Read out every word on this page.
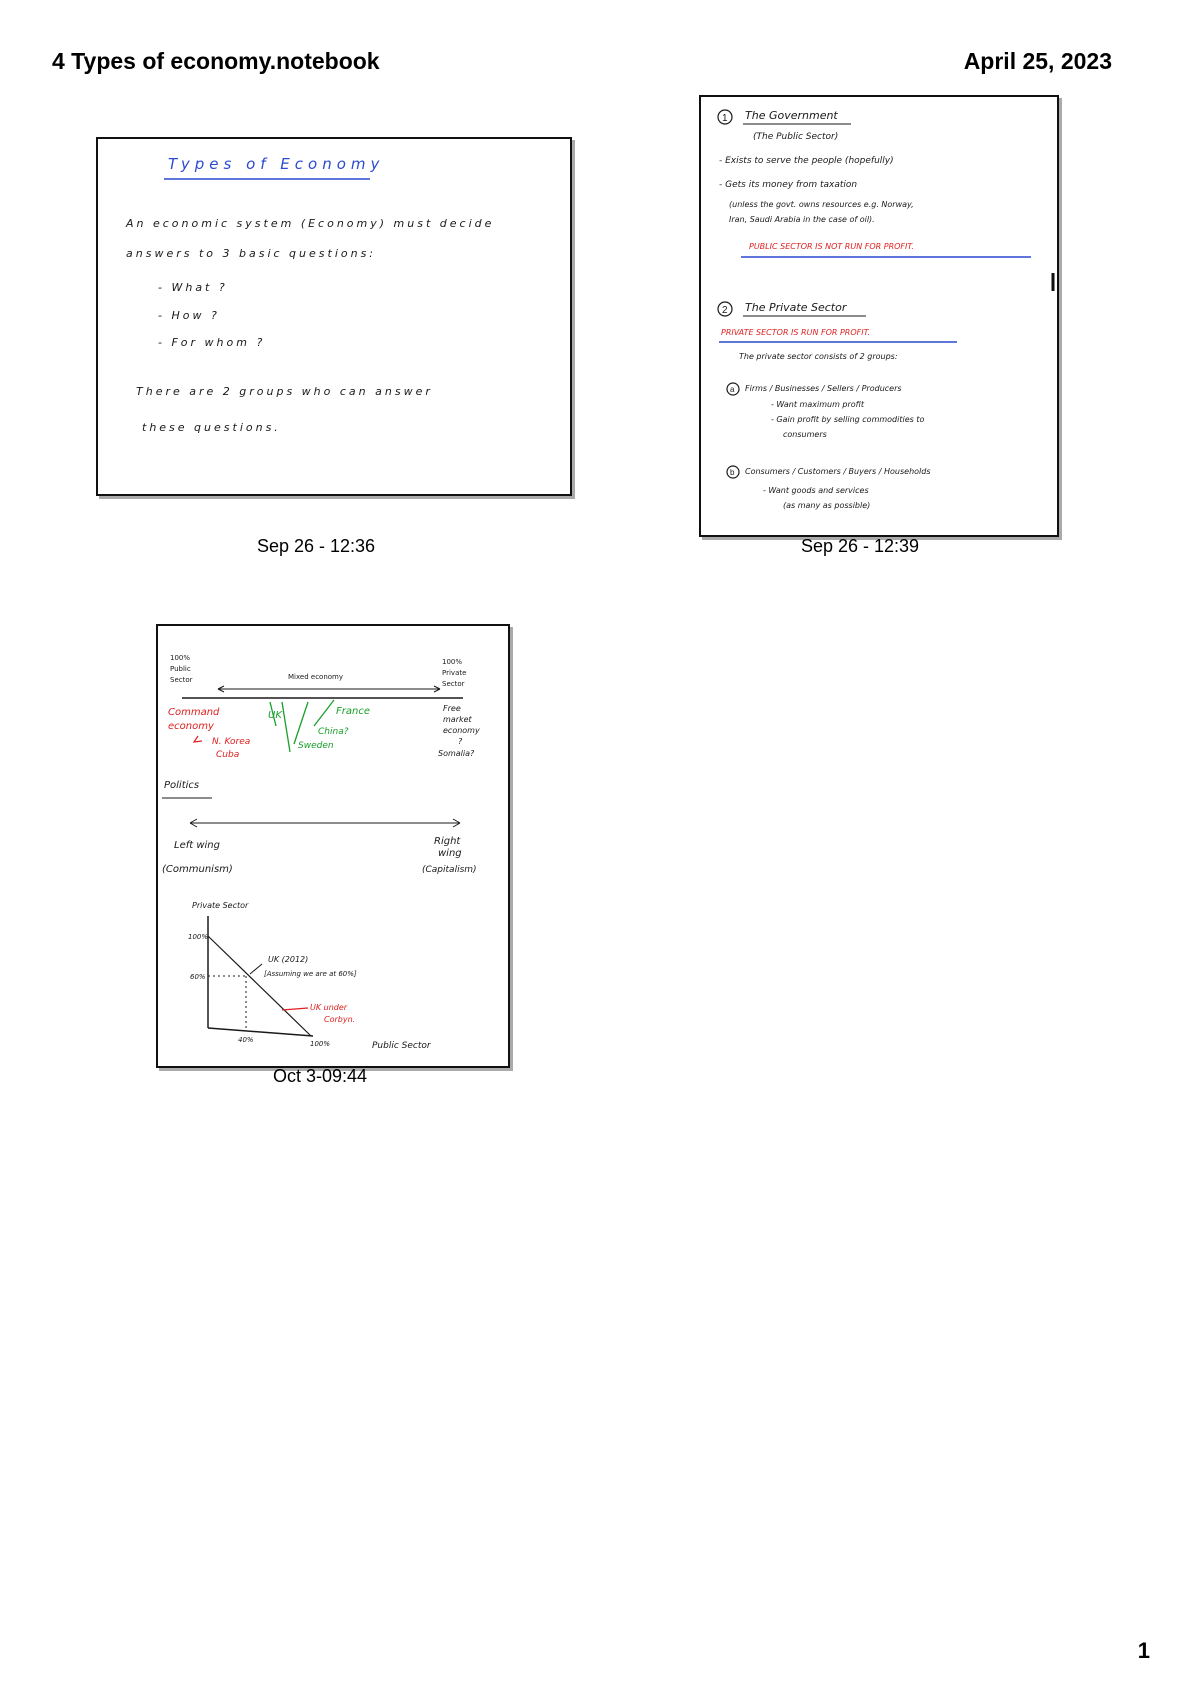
4 Types of economy.notebook	April 25, 2023
Types of Economy
An economic system (Economy) must decide
answers to 3 basic questions:
- What ?
- How ?
- For whom ?
There are 2 groups who can answer
these questions.
Sep 26 - 12:36
1 The Government
(The Public Sector)
- Exists to serve the people (hopefully)
- Gets its money from taxation
(unless the govt. owns resources e.g. Norway,
Iran, Saudi Arabia in the case of oil).
PUBLIC SECTOR IS NOT RUN FOR PROFIT.
2 The Private Sector
PRIVATE SECTOR IS RUN FOR PROFIT.
The private sector consists of 2 groups:
a Firms / Businesses / Sellers / Producers
- Want maximum profit
- Gain profit by selling commodities to
consumers
b Consumers / Customers / Buyers / Households
- Want goods and services
(as many as possible)
Sep 26 - 12:39
100%
Public
Sector
100%
Private
Sector
Mixed economy
Command
economy
N. Korea
Cuba
UK	France
Sweden
China?
Free
market
economy
?
Somalia?
Politics
Left wing
(Communism)
Right
wing
(Capitalism)
Private Sector
100%
60%
40%	100%	Public Sector
UK (2012)
[Assuming we are at 60%]
UK under
Corbyn.
Oct 3-09:44
1
